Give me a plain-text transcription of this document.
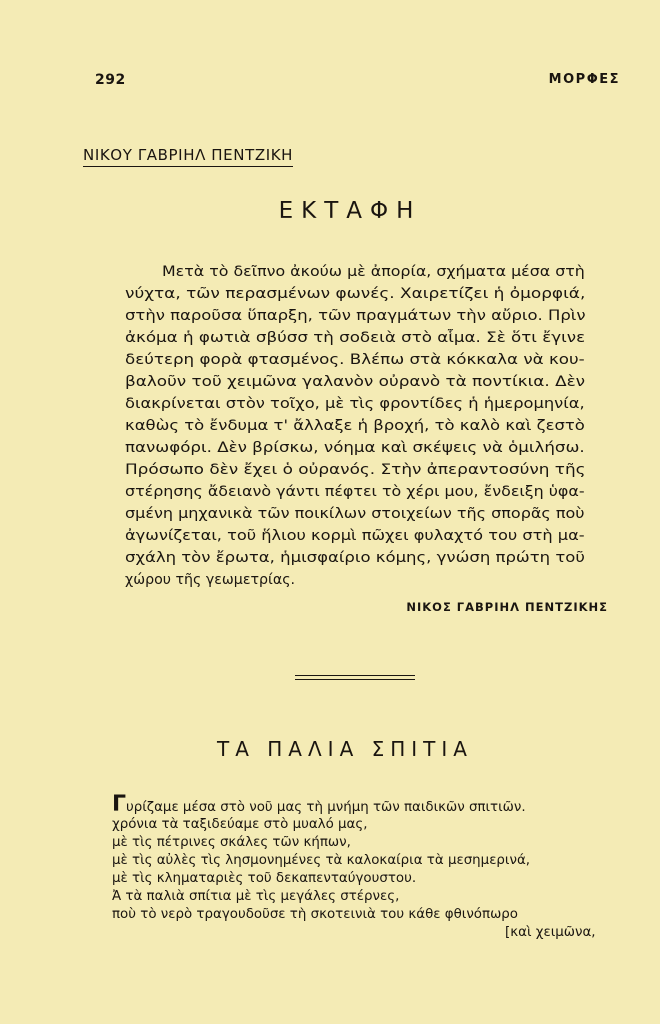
292	ΜΟΡΦΕΣ
ΝΙΚΟΥ ΓΑΒΡΙΗΛ ΠΕΝΤΖΙΚΗ
ΕΚΤΑΦΗ
Μετὰ τὸ δεῖπνο ἀκούω μὲ ἀπορία, σχήματα μέσα στὴ
νύχτα, τῶν περασμένων φωνές. Χαιρετίζει ἡ ὀμορφιά,
στὴν παροῦσα ὕπαρξη, τῶν πραγμάτων τὴν αὔριο. Πρὶν
ἀκόμα ἡ φωτιὰ σβύσσ τὴ σοδειὰ στὸ αἷμα. Σὲ ὅτι ἔγινε
δεύτερη φορὰ φτασμένος. Βλέπω στὰ κόκκαλα νὰ κου-
βαλοῦν τοῦ χειμῶνα γαλανὸν οὐρανὸ τὰ ποντίκια. Δὲν
διακρίνεται στὸν τοῖχο, μὲ τὶς φροντίδες ἡ ἡμερομηνία,
καθὼς τὸ ἔνδυμα τ' ἄλλαξε ἡ βροχή, τὸ καλὸ καὶ ζεστὸ
πανωφόρι. Δὲν βρίσκω, νόημα καὶ σκέψεις νὰ ὁμιλήσω.
Πρόσωπο δὲν ἔχει ὁ οὐρανός. Στὴν ἀπεραντοσύνη τῆς
στέρησης ἄδειανὸ γάντι πέφτει τὸ χέρι μου, ἔνδειξη ὑφα-
σμένη μηχανικὰ τῶν ποικίλων στοιχείων τῆς σπορᾶς ποὺ
ἀγωνίζεται, τοῦ ἥλιου κορμὶ πῶχει φυλαχτό του στὴ μα-
σχάλη τὸν ἔρωτα, ἡμισφαίριο κόμης, γνώση πρώτη τοῦ
χώρου τῆς γεωμετρίας.
ΝΙΚΟΣ ΓΑΒΡΙΗΛ ΠΕΝΤΖΙΚΗΣ
ΤΑ ΠΑΛΙΑ ΣΠΙΤΙΑ
Γυρίζαμε μέσα στὸ νοῦ μας τὴ μνήμη τῶν παιδικῶν σπιτιῶν.
χρόνια τὰ ταξιδεύαμε στὸ μυαλό μας,
μὲ τὶς πέτρινες σκάλες τῶν κήπων,
μὲ τὶς αὐλὲς τὶς λησμονημένες τὰ καλοκαίρια τὰ μεσημερινά,
μὲ τὶς κληματαριὲς τοῦ δεκαπενταύγουστου.
Ἀ τὰ παλιὰ σπίτια μὲ τὶς μεγάλες στέρνες,
ποὺ τὸ νερὸ τραγουδοῦσε τὴ σκοτεινιὰ του κάθε φθινόπωρο
[καὶ χειμῶνα,
